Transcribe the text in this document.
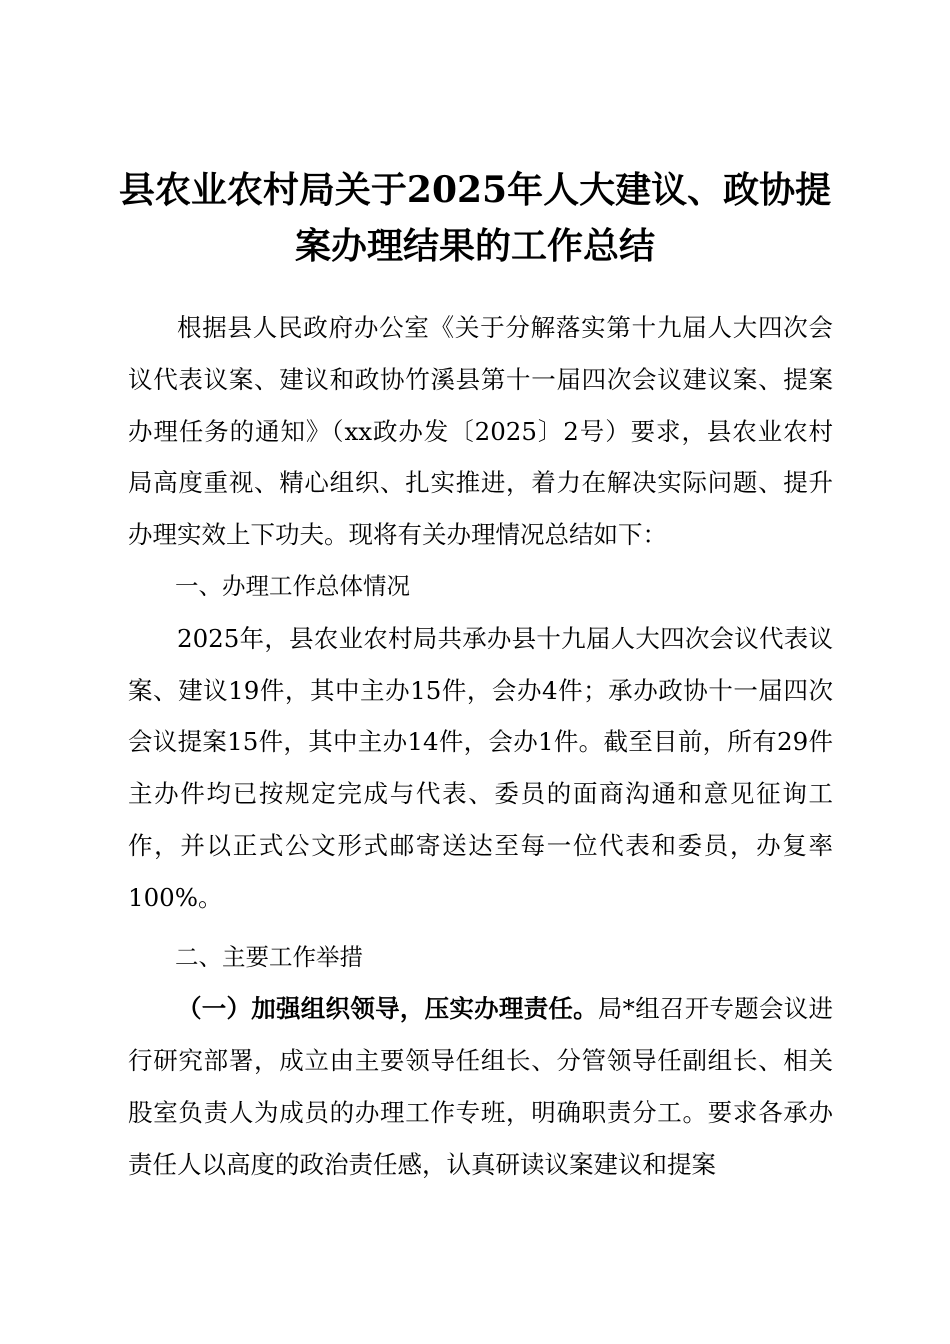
县农业农村局关于2025年人大建议、政协提
案办理结果的工作总结

根据县人民政府办公室《关于分解落实第十九届人大四次会议代表议案、建议和政协竹溪县第十一届四次会议建议案、提案办理任务的通知》（xx政办发〔2025〕2号）要求，县农业农村局高度重视、精心组织、扎实推进，着力在解决实际问题、提升办理实效上下功夫。现将有关办理情况总结如下：

一、办理工作总体情况

2025年，县农业农村局共承办县十九届人大四次会议代表议案、建议19件，其中主办15件，会办4件；承办政协十一届四次会议提案15件，其中主办14件，会办1件。截至目前，所有29件主办件均已按规定完成与代表、委员的面商沟通和意见征询工作，并以正式公文形式邮寄送达至每一位代表和委员，办复率100%。

二、主要工作举措

（一）加强组织领导，压实办理责任。局*组召开专题会议进行研究部署，成立由主要领导任组长、分管领导任副组长、相关股室负责人为成员的办理工作专班，明确职责分工。要求各承办责任人以高度的政治责任感，认真研读议案建议和提案
